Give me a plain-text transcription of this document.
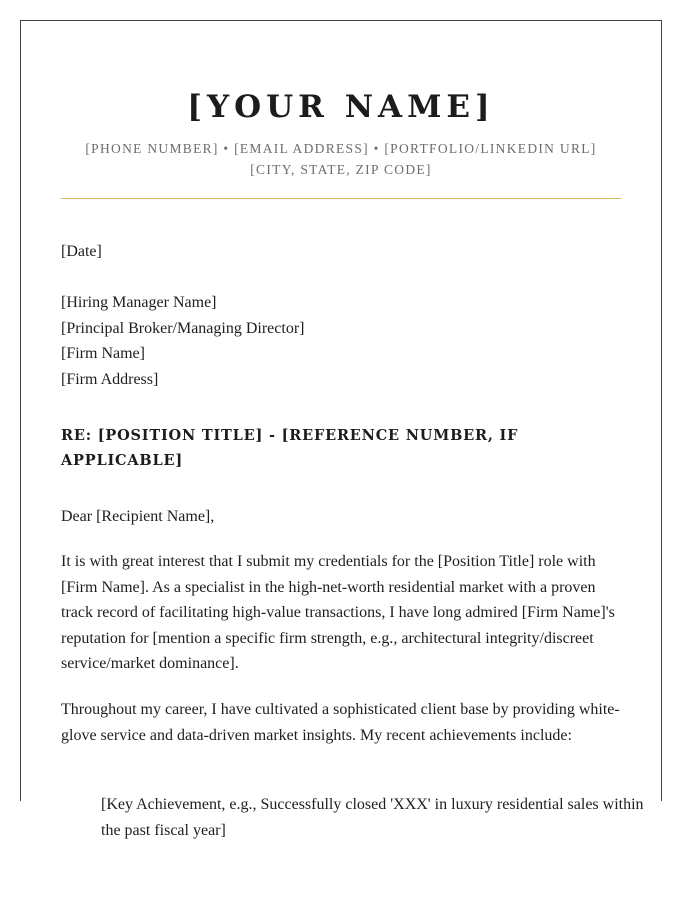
[YOUR NAME]
[PHONE NUMBER] • [EMAIL ADDRESS] • [PORTFOLIO/LINKEDIN URL]
[CITY, STATE, ZIP CODE]
[Date]
[Hiring Manager Name]
[Principal Broker/Managing Director]
[Firm Name]
[Firm Address]
RE: [POSITION TITLE] - [REFERENCE NUMBER, IF APPLICABLE]
Dear [Recipient Name],

It is with great interest that I submit my credentials for the [Position Title] role with [Firm Name]. As a specialist in the high-net-worth residential market with a proven track record of facilitating high-value transactions, I have long admired [Firm Name]'s reputation for [mention a specific firm strength, e.g., architectural integrity/discreet service/market dominance].

Throughout my career, I have cultivated a sophisticated client base by providing white-glove service and data-driven market insights. My recent achievements include:

[Key Achievement, e.g., Successfully closed 'XXX' in luxury residential sales within the past fiscal year]
